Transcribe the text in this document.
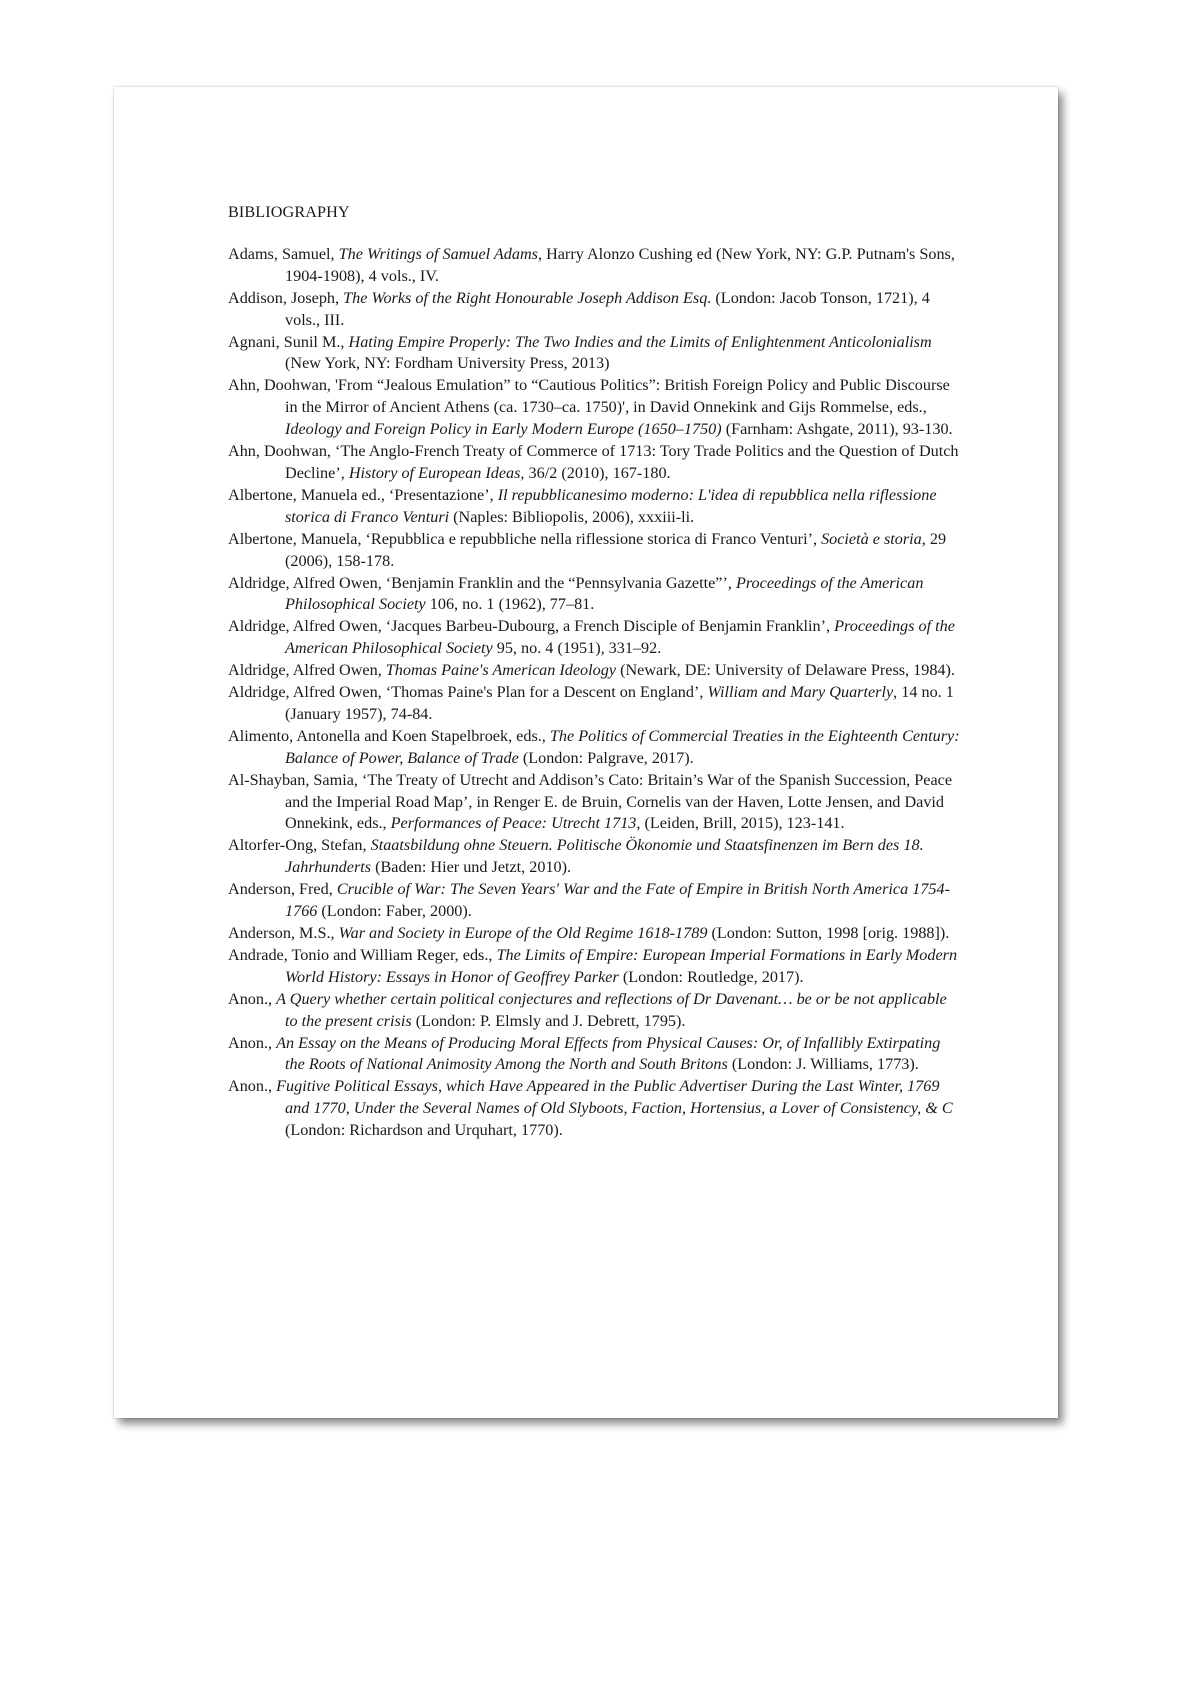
BIBLIOGRAPHY

Adams, Samuel, The Writings of Samuel Adams, Harry Alonzo Cushing ed (New York, NY: G.P. Putnam's Sons, 1904-1908), 4 vols., IV.

Addison, Joseph, The Works of the Right Honourable Joseph Addison Esq. (London: Jacob Tonson, 1721), 4 vols., III.

Agnani, Sunil M., Hating Empire Properly: The Two Indies and the Limits of Enlightenment Anticolonialism (New York, NY: Fordham University Press, 2013)

Ahn, Doohwan, 'From “Jealous Emulation” to “Cautious Politics”: British Foreign Policy and Public Discourse in the Mirror of Ancient Athens (ca. 1730–ca. 1750)', in David Onnekink and Gijs Rommelse, eds., Ideology and Foreign Policy in Early Modern Europe (1650–1750) (Farnham: Ashgate, 2011), 93-130.

Ahn, Doohwan, ‘The Anglo-French Treaty of Commerce of 1713: Tory Trade Politics and the Question of Dutch Decline’, History of European Ideas, 36/2 (2010), 167-180.

Albertone, Manuela ed., ‘Presentazione’, Il repubblicanesimo moderno: L'idea di repubblica nella riflessione storica di Franco Venturi (Naples: Bibliopolis, 2006), xxxiii-li.

Albertone, Manuela, ‘Repubblica e repubbliche nella riflessione storica di Franco Venturi’, Società e storia, 29 (2006), 158-178.

Aldridge, Alfred Owen, ‘Benjamin Franklin and the “Pennsylvania Gazette”’, Proceedings of the American Philosophical Society 106, no. 1 (1962), 77–81.

Aldridge, Alfred Owen, ‘Jacques Barbeu-Dubourg, a French Disciple of Benjamin Franklin’, Proceedings of the American Philosophical Society 95, no. 4 (1951), 331–92.

Aldridge, Alfred Owen, Thomas Paine's American Ideology (Newark, DE: University of Delaware Press, 1984).

Aldridge, Alfred Owen, ‘Thomas Paine's Plan for a Descent on England’, William and Mary Quarterly, 14 no. 1 (January 1957), 74-84.

Alimento, Antonella and Koen Stapelbroek, eds., The Politics of Commercial Treaties in the Eighteenth Century: Balance of Power, Balance of Trade (London: Palgrave, 2017).

Al-Shayban, Samia, ‘The Treaty of Utrecht and Addison’s Cato: Britain’s War of the Spanish Succession, Peace and the Imperial Road Map’, in Renger E. de Bruin, Cornelis van der Haven, Lotte Jensen, and David Onnekink, eds., Performances of Peace: Utrecht 1713, (Leiden, Brill, 2015), 123-141.

Altorfer-Ong, Stefan, Staatsbildung ohne Steuern. Politische Ökonomie und Staatsfinenzen im Bern des 18. Jahrhunderts (Baden: Hier und Jetzt, 2010).

Anderson, Fred, Crucible of War: The Seven Years' War and the Fate of Empire in British North America 1754-1766 (London: Faber, 2000).

Anderson, M.S., War and Society in Europe of the Old Regime 1618-1789 (London: Sutton, 1998 [orig. 1988]).

Andrade, Tonio and William Reger, eds., The Limits of Empire: European Imperial Formations in Early Modern World History: Essays in Honor of Geoffrey Parker (London: Routledge, 2017).

Anon., A Query whether certain political conjectures and reflections of Dr Davenant… be or be not applicable to the present crisis (London: P. Elmsly and J. Debrett, 1795).

Anon., An Essay on the Means of Producing Moral Effects from Physical Causes: Or, of Infallibly Extirpating the Roots of National Animosity Among the North and South Britons (London: J. Williams, 1773).

Anon., Fugitive Political Essays, which Have Appeared in the Public Advertiser During the Last Winter, 1769 and 1770, Under the Several Names of Old Slyboots, Faction, Hortensius, a Lover of Consistency, & C (London: Richardson and Urquhart, 1770).
